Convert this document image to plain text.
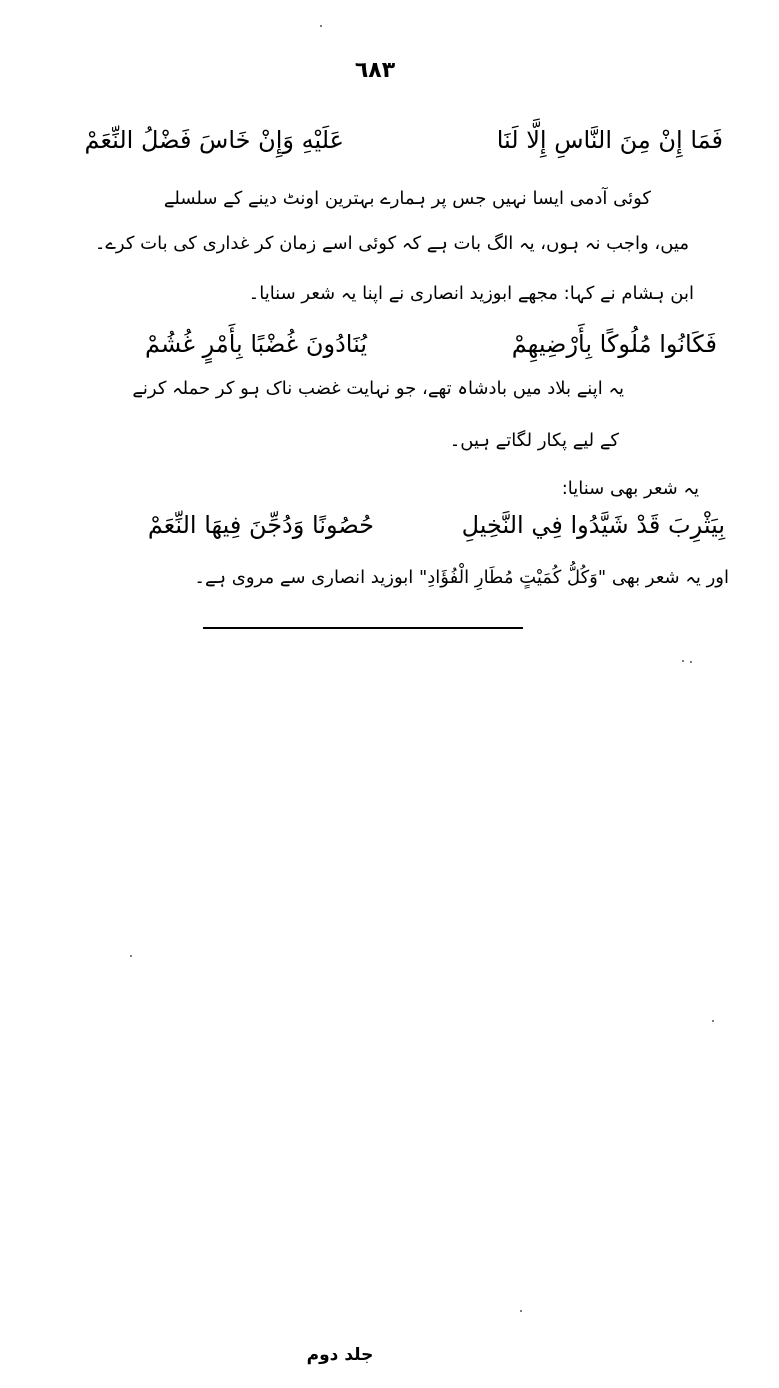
٦٨٣
فَمَا إِنْ مِنَ النَّاسِ إِلَّا لَنَا
عَلَيْهِ وَإِنْ خَاسَ فَضْلُ النِّعَمْ
کوئی آدمی ایسا نہیں جس پر ہمارے بہترین اونٹ دینے کے سلسلے
میں، واجب نہ ہوں، یہ الگ بات ہے کہ کوئی اسے زمان کر غداری کی بات کرے۔
ابن ہشام نے کہا: مجھے ابوزید انصاری نے اپنا یہ شعر سنایا۔
فَكَانُوا مُلُوكًا بِأَرْضِيهِمْ
يُنَادُونَ غُضْبًا بِأَمْرٍ غُشُمْ
یہ اپنے بلاد میں بادشاہ تھے، جو نہایت غضب ناک ہو کر حملہ کرنے
کے لیے پکار لگاتے ہیں۔
یہ شعر بھی سنایا:
بِيَثْرِبَ قَدْ شَيَّدُوا فِي النَّخِيلِ
حُصُونًا وَدُجِّنَ فِيهَا النِّعَمْ
اور یہ شعر بھی "وَكُلُّ كُمَيْتٍ مُطَارِ الْفُؤَادِ" ابوزید انصاری سے مروی ہے۔
جلد دوم
